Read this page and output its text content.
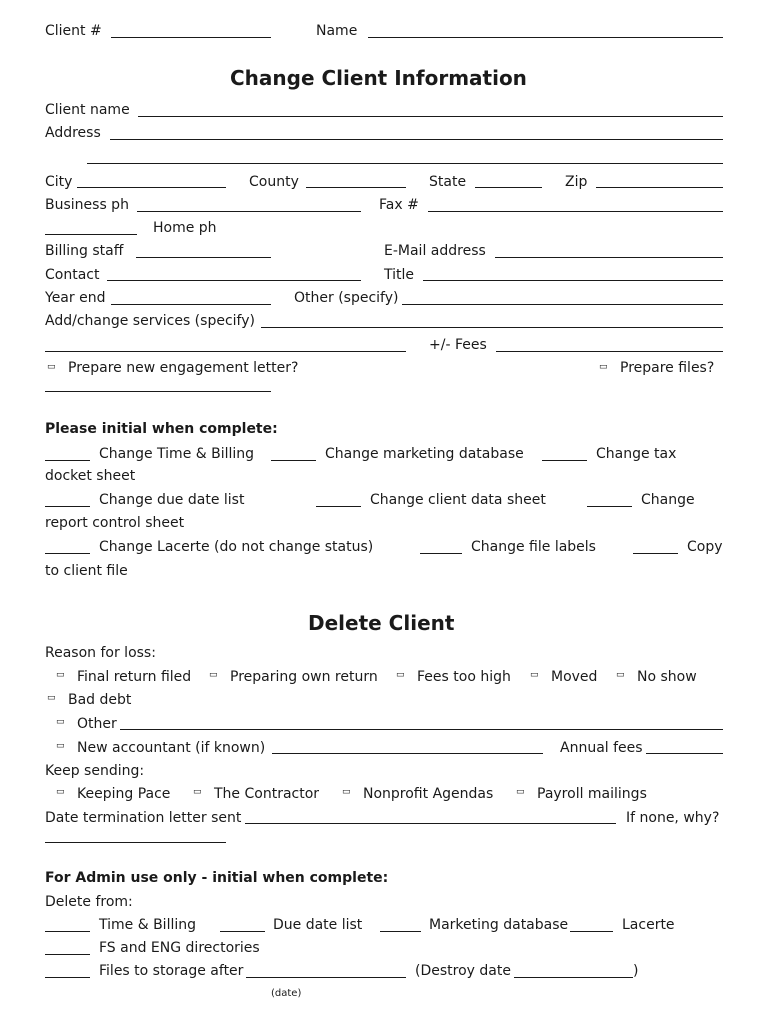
Client #	Name
Change Client Information
Client name
Address
City	County	State	Zip
Business ph	Fax #
Home ph
Billing staff	E-Mail address
Contact	Title
Year end	Other (specify)
Add/change services (specify)
+/- Fees
▭ Prepare new engagement letter?	▭ Prepare files?
Please initial when complete:
Change Time & Billing	Change marketing database	Change tax
docket sheet
Change due date list	Change client data sheet	Change
report control sheet
Change Lacerte (do not change status)	Change file labels	Copy
to client file
Delete Client
Reason for loss:
▭ Final return filed ▭ Preparing own return ▭ Fees too high ▭ Moved ▭ No show
▭ Bad debt
▭ Other
▭ New accountant (if known)	Annual fees
Keep sending:
▭ Keeping Pace	▭ The Contractor	▭ Nonprofit Agendas	▭ Payroll mailings
Date termination letter sent	If none, why?
For Admin use only - initial when complete:
Delete from:
Time & Billing	Due date list	Marketing database	Lacerte
FS and ENG directories
Files to storage after	(Destroy date	)
(date)
